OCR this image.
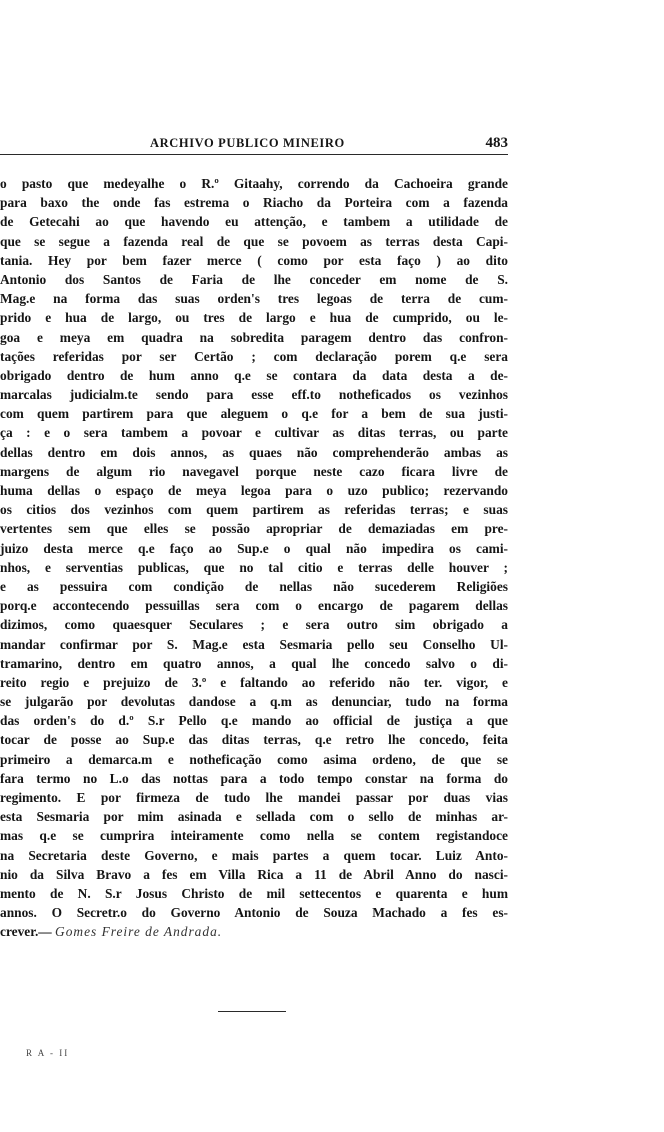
ARCHIVO PUBLICO MINEIRO	483
o pasto que medeyalhe o R.º Gitaahy, correndo da Cachoeira grande
para baxo the onde fas estrema o Riacho da Porteira com a fazenda
de Getecahi ao que havendo eu attenção, e tambem a utilidade de
que se segue a fazenda real de que se povoem as terras desta Capi-
tania. Hey por bem fazer merce ( como por esta faço ) ao dito
Antonio dos Santos de Faria de lhe conceder em nome de S.
Mag.e na forma das suas orden's tres legoas de terra de cum-
prido e hua de largo, ou tres de largo e hua de cumprido, ou le-
goa e meya em quadra na sobredita paragem dentro das confron-
tações referidas por ser Certão ; com declaração porem q.e sera
obrigado dentro de hum anno q.e se contara da data desta a de-
marcalas judicialm.te sendo para esse eff.to notheficados os vezinhos
com quem partirem para que aleguem o q.e for a bem de sua justi-
ça : e o sera tambem a povoar e cultivar as ditas terras, ou parte
dellas dentro em dois annos, as quaes não comprehenderão ambas as
margens de algum rio navegavel porque neste cazo ficara livre de
huma dellas o espaço de meya legoa para o uzo publico; rezervando
os citios dos vezinhos com quem partirem as referidas terras; e suas
vertentes sem que elles se possão apropriar de demaziadas em pre-
juizo desta merce q.e faço ao Sup.e o qual não impedira os cami-
nhos, e serventias publicas, que no tal citio e terras delle houver ;
e as pessuira com condição de nellas não sucederem Religiões
porq.e accontecendo pessuillas sera com o encargo de pagarem dellas
dizimos, como quaesquer Seculares ; e sera outro sim obrigado a
mandar confirmar por S. Mag.e esta Sesmaria pello seu Conselho Ul-
tramarino, dentro em quatro annos, a qual lhe concedo salvo o di-
reito regio e prejuizo de 3.º e faltando ao referido não ter. vigor, e
se julgarão por devolutas dandose a q.m as denunciar, tudo na forma
das orden's do d.º S.r Pello q.e mando ao official de justiça a que
tocar de posse ao Sup.e das ditas terras, q.e retro lhe concedo, feita
primeiro a demarca.m e notheficação como asima ordeno, de que se
fara termo no L.o das nottas para a todo tempo constar na forma do
regimento. E por firmeza de tudo lhe mandei passar por duas vias
esta Sesmaria por mim asinada e sellada com o sello de minhas ar-
mas q.e se cumprira inteiramente como nella se contem registandoce
na Secretaria deste Governo, e mais partes a quem tocar. Luiz Anto-
nio da Silva Bravo a fes em Villa Rica a 11 de Abril Anno do nasci-
mento de N. S.r Josus Christo de mil settecentos e quarenta e hum
annos. O Secretr.o do Governo Antonio de Souza Machado a fes es-
crever.— Gomes Freire de Andrada.
R A - II
